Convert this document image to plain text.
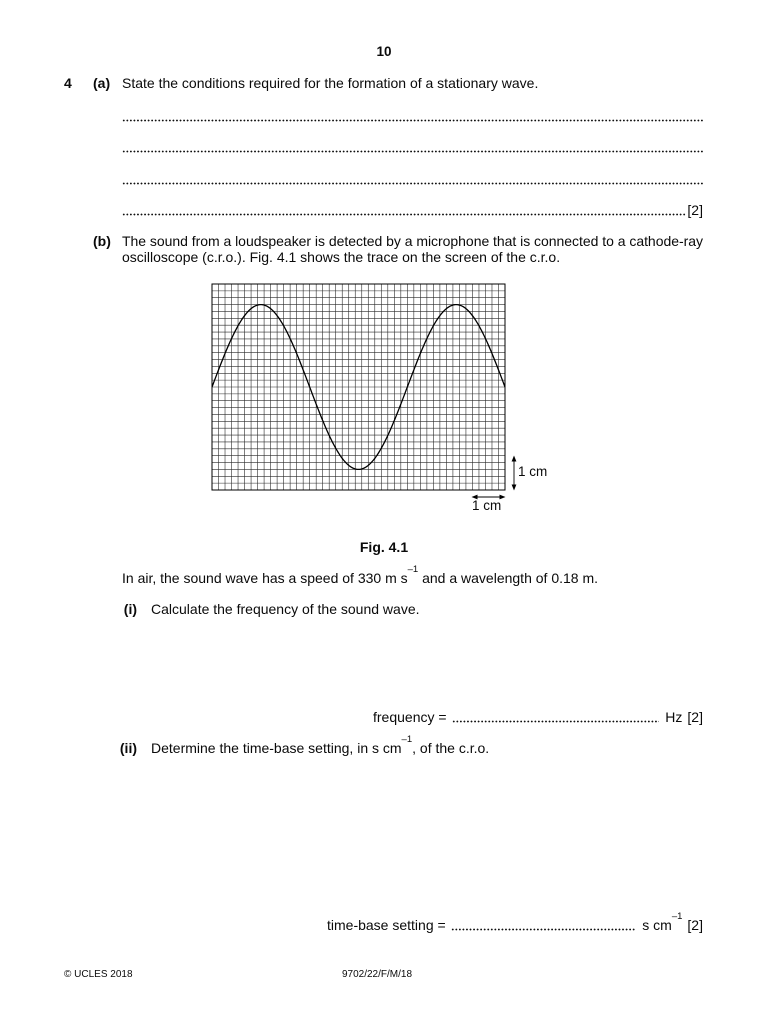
10
4 (a) State the conditions required for the formation of a stationary wave.
[2]
(b) The sound from a loudspeaker is detected by a microphone that is connected to a cathode-ray
oscilloscope (c.r.o.). Fig. 4.1 shows the trace on the screen of the c.r.o.
1 cm
1 cm
Fig. 4.1
In air, the sound wave has a speed of 330 m $s^{-1}$ and a wavelength of 0.18 m.
(i) Calculate the frequency of the sound wave.
frequency =	Hz [2]
(ii) Determine the time-base setting, in s $cm^{-1}$, of the c.r.o.
time-base setting =	s $cm^{-1}$
[2]
© UCLES 2018	9702/22/F/M/18
